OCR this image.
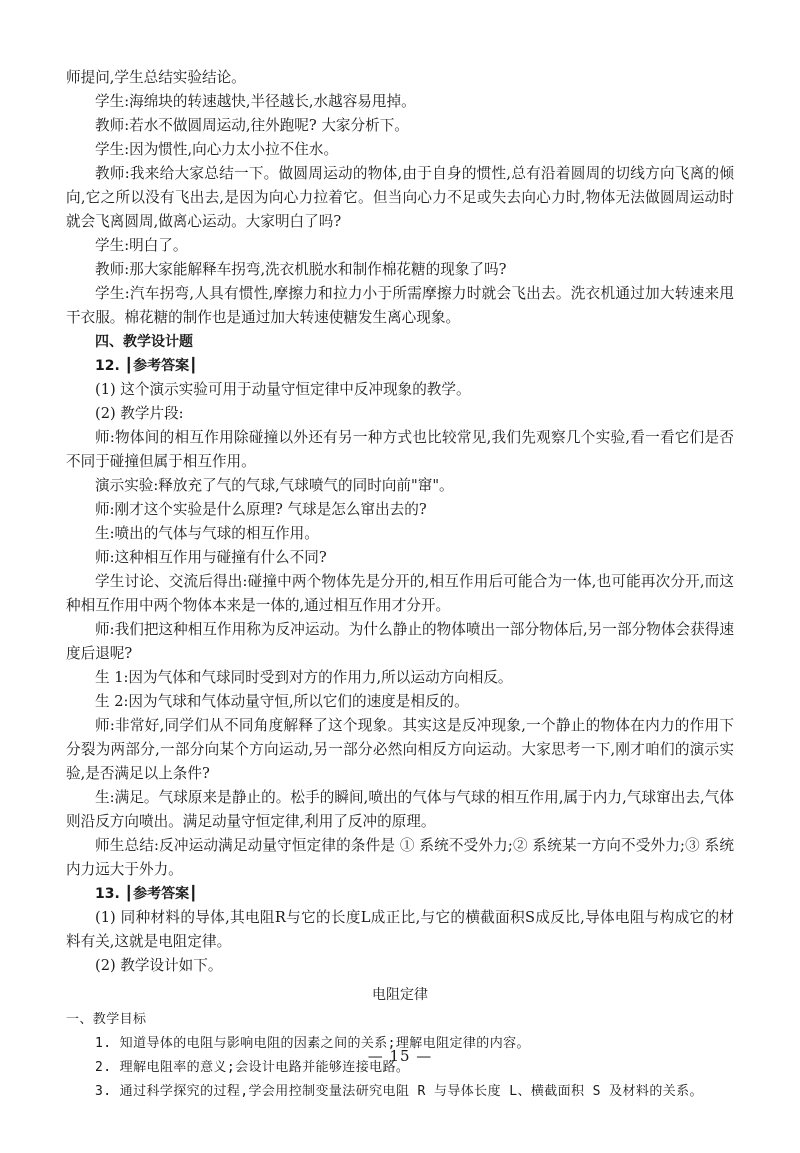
师提问,学生总结实验结论。
学生:海绵块的转速越快,半径越长,水越容易甩掉。
教师:若水不做圆周运动,往外跑呢? 大家分析下。
学生:因为惯性,向心力太小拉不住水。
教师:我来给大家总结一下。做圆周运动的物体,由于自身的惯性,总有沿着圆周的切线方向飞离的倾向,它之所以没有飞出去,是因为向心力拉着它。但当向心力不足或失去向心力时,物体无法做圆周运动时就会飞离圆周,做离心运动。大家明白了吗?
学生:明白了。
教师:那大家能解释车拐弯,洗衣机脱水和制作棉花糖的现象了吗?
学生:汽车拐弯,人具有惯性,摩擦力和拉力小于所需摩擦力时就会飞出去。洗衣机通过加大转速来甩干衣服。棉花糖的制作也是通过加大转速使糖发生离心现象。
四、教学设计题
12. ┃参考答案┃
(1) 这个演示实验可用于动量守恒定律中反冲现象的教学。
(2) 教学片段:
师:物体间的相互作用除碰撞以外还有另一种方式也比较常见,我们先观察几个实验,看一看它们是否不同于碰撞但属于相互作用。
演示实验:释放充了气的气球,气球喷气的同时向前"窜"。
师:刚才这个实验是什么原理? 气球是怎么窜出去的?
生:喷出的气体与气球的相互作用。
师:这种相互作用与碰撞有什么不同?
学生讨论、交流后得出:碰撞中两个物体先是分开的,相互作用后可能合为一体,也可能再次分开,而这种相互作用中两个物体本来是一体的,通过相互作用才分开。
师:我们把这种相互作用称为反冲运动。为什么静止的物体喷出一部分物体后,另一部分物体会获得速度后退呢?
生 1:因为气体和气球同时受到对方的作用力,所以运动方向相反。
生 2:因为气球和气体动量守恒,所以它们的速度是相反的。
师:非常好,同学们从不同角度解释了这个现象。其实这是反冲现象,一个静止的物体在内力的作用下分裂为两部分,一部分向某个方向运动,另一部分必然向相反方向运动。大家思考一下,刚才咱们的演示实验,是否满足以上条件?
生:满足。气球原来是静止的。松手的瞬间,喷出的气体与气球的相互作用,属于内力,气球窜出去,气体则沿反方向喷出。满足动量守恒定律,利用了反冲的原理。
师生总结:反冲运动满足动量守恒定律的条件是 ① 系统不受外力;② 系统某一方向不受外力;③ 系统内力远大于外力。
13. ┃参考答案┃
(1) 同种材料的导体,其电阻R与它的长度L成正比,与它的横截面积S成反比,导体电阻与构成它的材料有关,这就是电阻定律。
(2) 教学设计如下。
电阻定律
一、教学目标
1. 知道导体的电阻与影响电阻的因素之间的关系;理解电阻定律的内容。
2. 理解电阻率的意义;会设计电路并能够连接电路。
3. 通过科学探究的过程,学会用控制变量法研究电阻 R 与导体长度 L、横截面积 S 及材料的关系。
— 15 —
